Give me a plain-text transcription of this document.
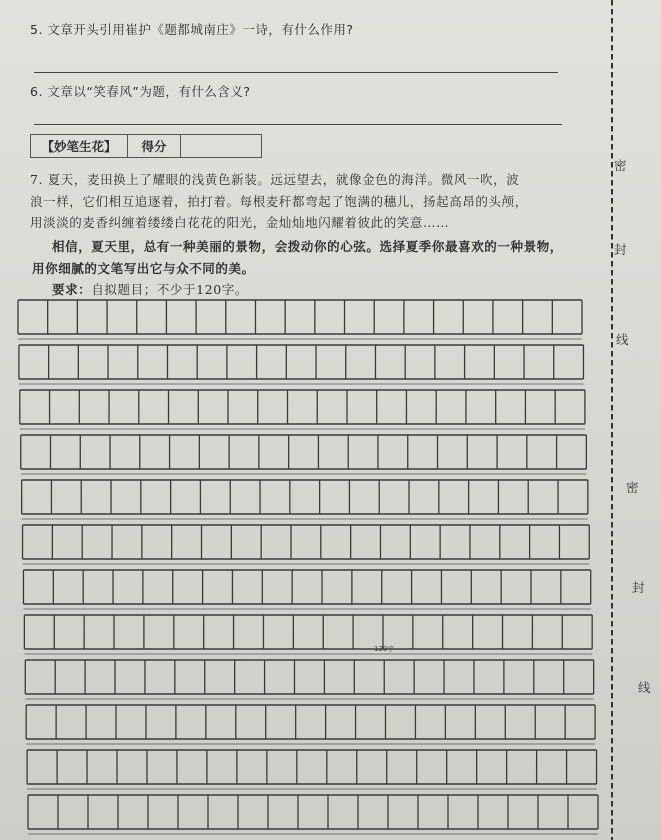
5. 文章开头引用崔护《题都城南庄》一诗，有什么作用?
6. 文章以“笑春风”为题，有什么含义?
【妙笔生花】	得分
7. 夏天，麦田换上了耀眼的浅黄色新装。远远望去，就像金色的海洋。微风一吹，波
浪一样，它们相互追逐着，拍打着。每根麦秆都弯起了饱满的穗儿，扬起高昂的头颅，
用淡淡的麦香纠缠着缕缕白花花的阳光，金灿灿地闪耀着彼此的笑意……
相信，夏天里，总有一种美丽的景物，会拨动你的心弦。选择夏季你最喜欢的一种景物，
用你细腻的文笔写出它与众不同的美。
要求：自拟题目；不少于120字。
120字
密
封
线
密
封
线
